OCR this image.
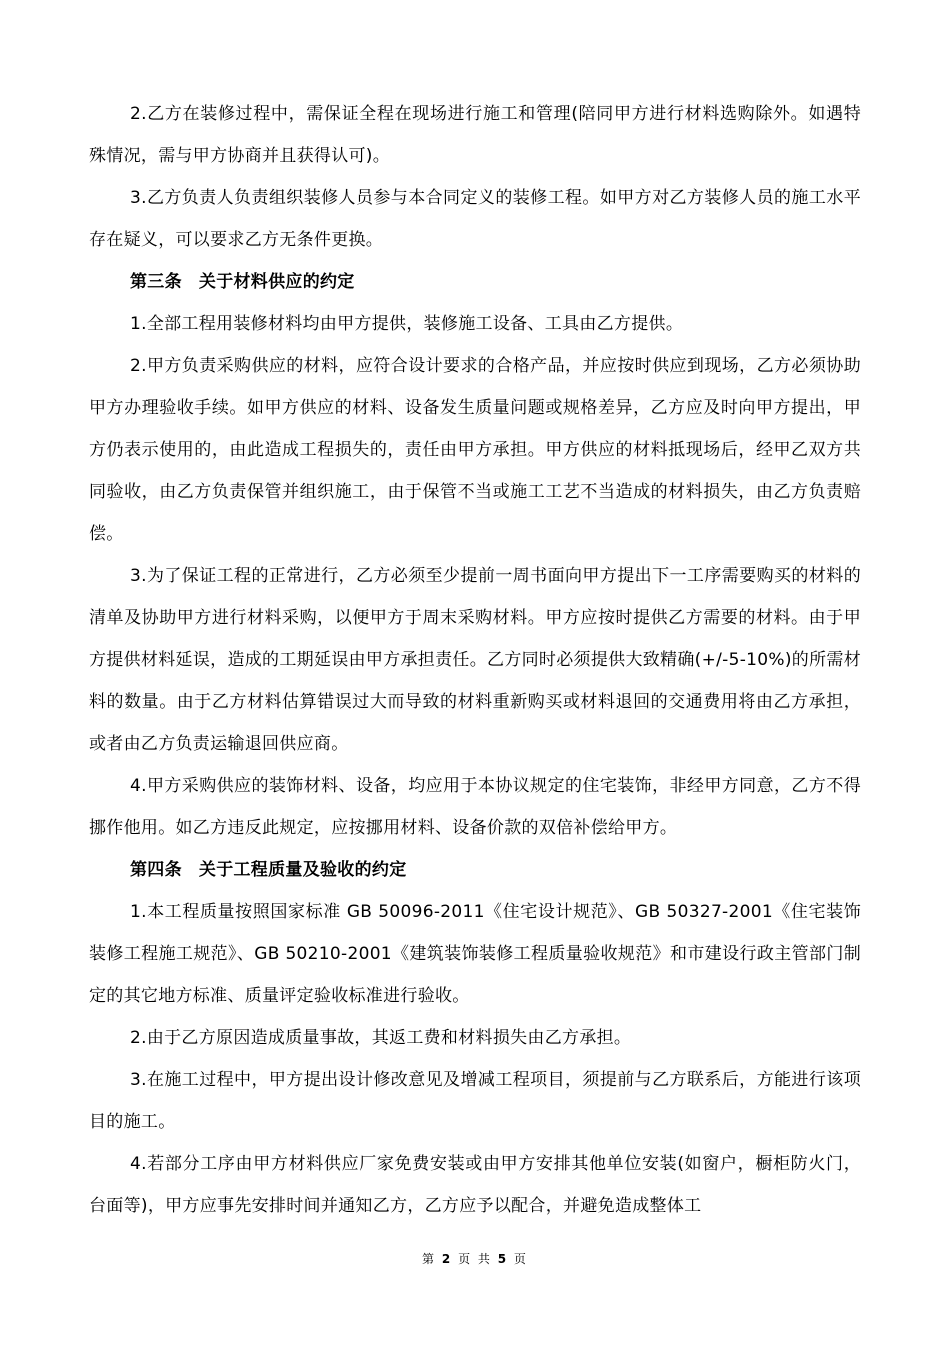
2.乙方在装修过程中，需保证全程在现场进行施工和管理(陪同甲方进行材料选购除外。如遇特殊情况，需与甲方协商并且获得认可)。

3.乙方负责人负责组织装修人员参与本合同定义的装修工程。如甲方对乙方装修人员的施工水平存在疑义，可以要求乙方无条件更换。

第三条 关于材料供应的约定

1.全部工程用装修材料均由甲方提供，装修施工设备、工具由乙方提供。

2.甲方负责采购供应的材料，应符合设计要求的合格产品，并应按时供应到现场，乙方必须协助甲方办理验收手续。如甲方供应的材料、设备发生质量问题或规格差异，乙方应及时向甲方提出，甲方仍表示使用的，由此造成工程损失的，责任由甲方承担。甲方供应的材料抵现场后，经甲乙双方共同验收，由乙方负责保管并组织施工，由于保管不当或施工工艺不当造成的材料损失，由乙方负责赔偿。

3.为了保证工程的正常进行，乙方必须至少提前一周书面向甲方提出下一工序需要购买的材料的清单及协助甲方进行材料采购，以便甲方于周末采购材料。甲方应按时提供乙方需要的材料。由于甲方提供材料延误，造成的工期延误由甲方承担责任。乙方同时必须提供大致精确(+/-5-10%)的所需材料的数量。由于乙方材料估算错误过大而导致的材料重新购买或材料退回的交通费用将由乙方承担，或者由乙方负责运输退回供应商。

4.甲方采购供应的装饰材料、设备，均应用于本协议规定的住宅装饰，非经甲方同意，乙方不得挪作他用。如乙方违反此规定，应按挪用材料、设备价款的双倍补偿给甲方。

第四条 关于工程质量及验收的约定

1.本工程质量按照国家标准 GB 50096-2011《住宅设计规范》、GB 50327-2001《住宅装饰装修工程施工规范》、GB 50210-2001《建筑装饰装修工程质量验收规范》和市建设行政主管部门制定的其它地方标准、质量评定验收标准进行验收。

2.由于乙方原因造成质量事故，其返工费和材料损失由乙方承担。

3.在施工过程中，甲方提出设计修改意见及增减工程项目，须提前与乙方联系后，方能进行该项目的施工。

4.若部分工序由甲方材料供应厂家免费安装或由甲方安排其他单位安装(如窗户，橱柜防火门，台面等)，甲方应事先安排时间并通知乙方，乙方应予以配合，并避免造成整体工

第 2 页 共 5 页
